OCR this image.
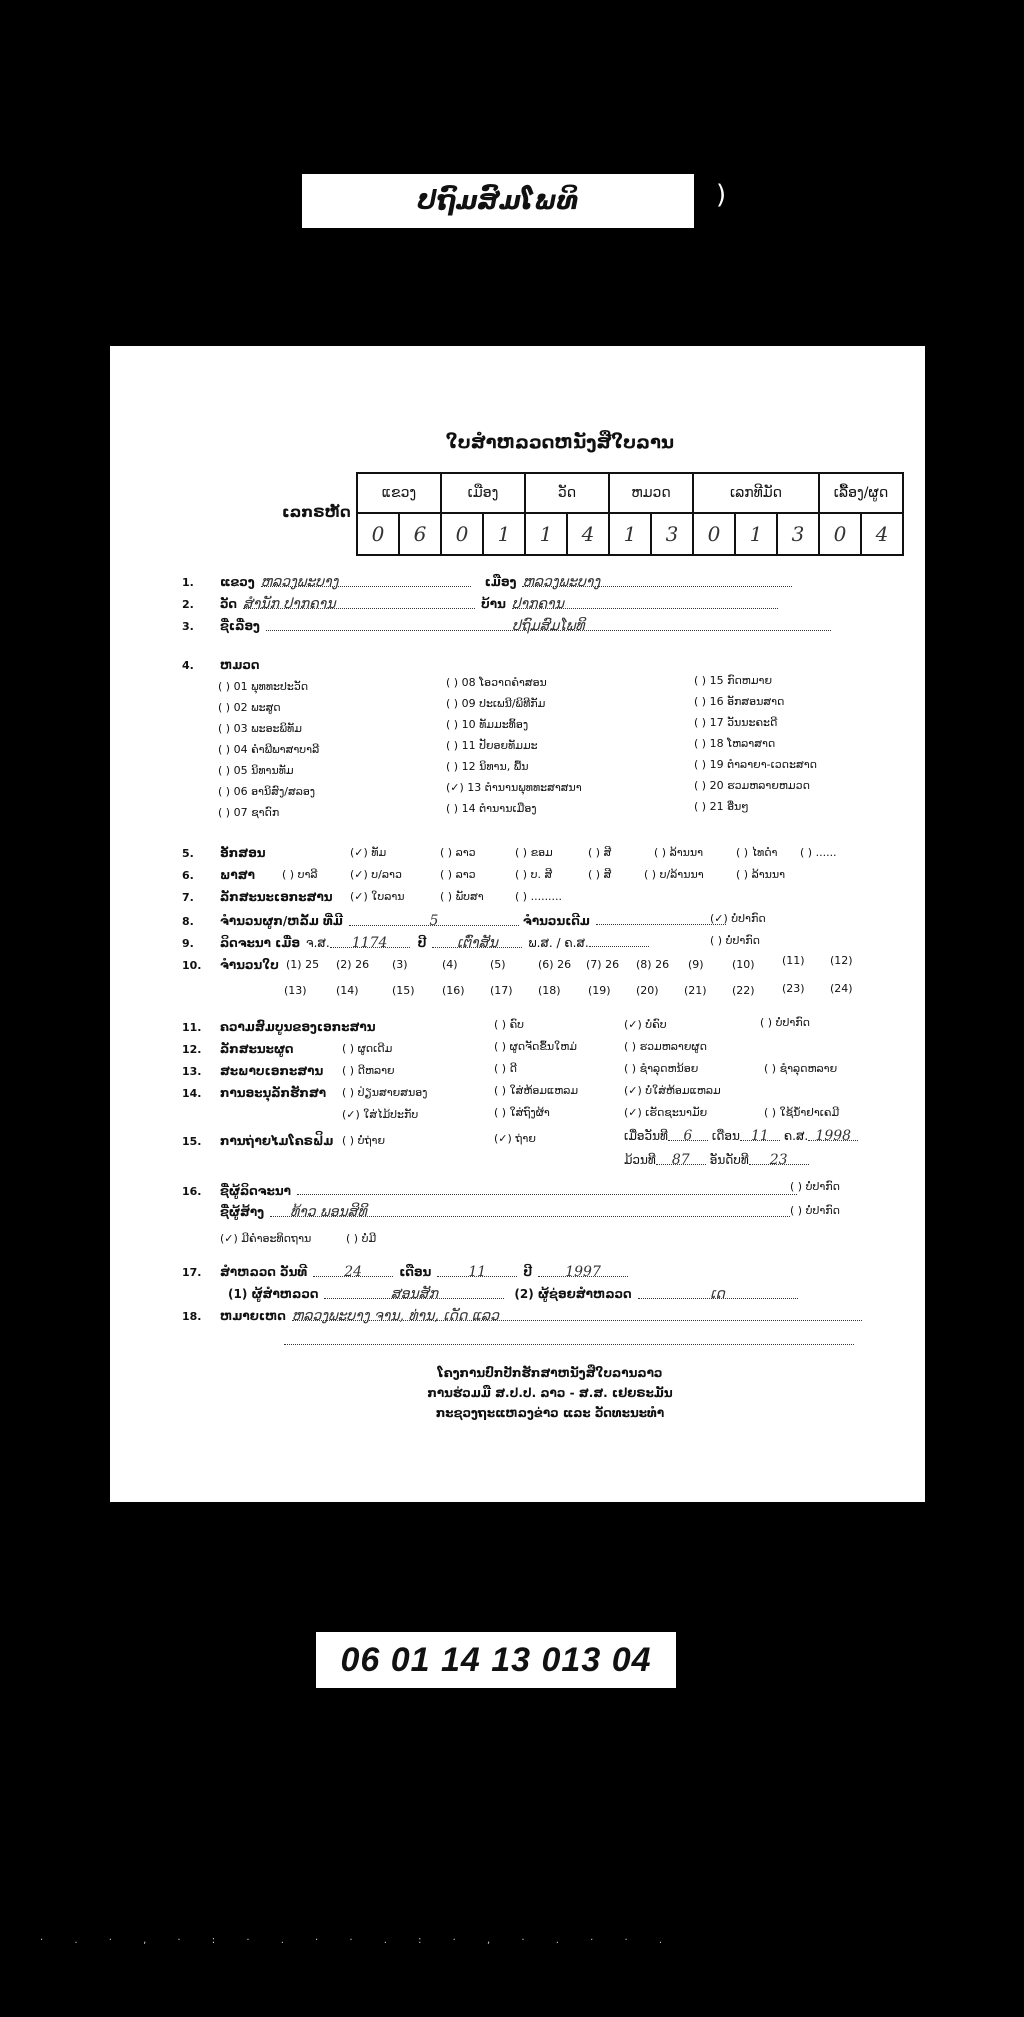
ປຖົມສົມໂພທິ	)
ໃບສຳຫລວດຫນັງສືໃບລານ
ເລກຣຫັດ
ແຂວງ		ເມືອງ		ວັດ		ຫມວດ		ເລກທີມັດ			ເລື້ອງ/ຜູດ	
0	6	0	1	1	4	1	3	0	1	3	0	4
1.	ແຂວງ ຫລວງພະບາງ	ເມືອງ ຫລວງພະບາງ
2.	ວັດ ສຳນັກ ປາກຄານ	ບ້ານ ປາກຄານ
3.	ຊື່ເລື່ອງ	ປຖົມສົມໂພທິ
4.	ຫມວດ
( ) 01 ພຸທທະປະວັດ
( ) 02 ພະສູດ
( ) 03 ພະອະພິທັມ
( ) 04 ຄຳພີພາສາບາລີ
( ) 05 ນິທານທັມ
( ) 06 ອານິສົງ/ສລອງ
( ) 07 ຊາດົກ
( ) 08 ໂອວາດຄຳສອນ
( ) 09 ປະເພນີ/ພິທີກັມ
( ) 10 ທັມມະທິ້ອງ
( ) 11 ປັຍອຍທັມມະ
( ) 12 ນິທານ, ພື້ນ
(✓) 13 ຕຳນານພຸທທະສາສນາ
( ) 14 ຕຳນານເມືອງ
( ) 15 ກົດຫມາຍ
( ) 16 ອັກສອນສາດ
( ) 17 ວັນນະຄະດີ
( ) 18 ໂຫລາສາດ
( ) 19 ຕຳລາຍາ-ເວດະສາດ
( ) 20 ຮວມຫລາຍຫມວດ
( ) 21 ອື່ນໆ
5.	ອັກສອນ	(✓) ທັມ	( ) ລາວ	( ) ຂອມ	( ) ສີ	( ) ລ້ານນາ	( ) ໄທດຳ ( ) ......
6.	ພາສາ ( ) ບາລີ	(✓) ບ/ລາວ	( ) ລາວ	( ) ບ. ສີ	( ) ສີ	( ) ບ/ລ້ານນາ	( ) ລ້ານນາ
7.	ລັກສະນະເອກະສານ (✓) ໃບລານ	( ) ພັບສາ	( ) .........
8.	ຈຳນວນຜູກ/ຫລັ້ມ ທີ່ມີ	5	ຈຳນວນເດີມ	(✓) ບໍ່ປາກົດ
9.	ລິດຈະນາ ເມື່ອ ຈ.ສ.	1174	ປີ	ເຕົ່າສັນ	ພ.ສ. / ຄ.ສ.	( ) ບໍ່ປາກົດ
10.	ຈຳນວນໃບ (1) 25 (2) 26 (3)	(4)	(5)	(6) 26 (7) 26 (8) 26 (9)	(10) (11) (12)
(13)	(14)	(15) (16) (17) (18) (19) (20) (21) (22) (23) (24)
11.	ຄວາມສົມບູນຂອງເອກະສານ	( ) ຄົບ	(✓) ບໍ່ຄົບ	( ) ບໍ່ປາກົດ
12.	ລັກສະນະຜູດ	( ) ຜູດເດີມ	( ) ຜູດຈັດຂຶ້ນໃຫມ່	( ) ຮວມຫລາຍຜູດ
13.	ສະພາບເອກະສານ ( ) ດີຫລາຍ	( ) ດີ	( ) ຊຳລຸດຫນ້ອຍ	( ) ຊຳລຸດຫລາຍ
14.	ການອະນຸລັກຮັກສາ ( ) ປ່ຽນສາຍສນອງ	( ) ໃສ່ຫ້ອມແຫລມ	(✓) ບໍ່ໃສ່ຫ້ອມແຫລມ
(✓) ໃສ່ໄມ້ປະກັບ	( ) ໃສ່ຖົງຜ້າ	(✓) ເຮັດຊະນາມັຍ	( ) ໃຊ້ນ້ຳຢາເຄມີ
15.	ການຖ່າຍໄມໂຄຣຟິມ ( ) ບໍ່ຖ່າຍ	(✓) ຖ່າຍ	ເມື່ອວັນທີ	6	ເດືອນ 11	ຄ.ສ. 1998
ມ້ວນທີ	87	ອັນດັບທີ	23
16.	ຊື່ຜູ້ລິດຈະນາ	( ) ບໍ່ປາກົດ
ຊື່ຜູ້ສ້າງ	ທ້າວ ພອນສິທິ	( ) ບໍ່ປາກົດ
(✓) ມີຄຳອະທິດຖານ	( ) ບໍ່ມີ
17.	ສຳຫລວດ ວັນທີ	24	ເດືອນ	11	ປີ	1997
(1) ຜູ້ສຳຫລວດ	ສອນສັກ	(2) ຜູ້ຊ່ອຍສຳຫລວດ	ເດ
18.	ຫມາຍເຫດ ຫລວງພະບາງ ຈານ, ທ່ານ, ເດັດ ແລວ
ໂຄງການປົກປັກຮັກສາຫນັງສືໃບລານລາວ
ການຮ່ວມມື ສ.ປ.ປ. ລາວ - ສ.ສ. ເຢຍຣະມັນ
ກະຊວງຖະແຫລງຂ່າວ ແລະ ວັດທະນະທຳ
06 01 14 13 013 04
· . · , · : · . · · . : · , · . · · .
